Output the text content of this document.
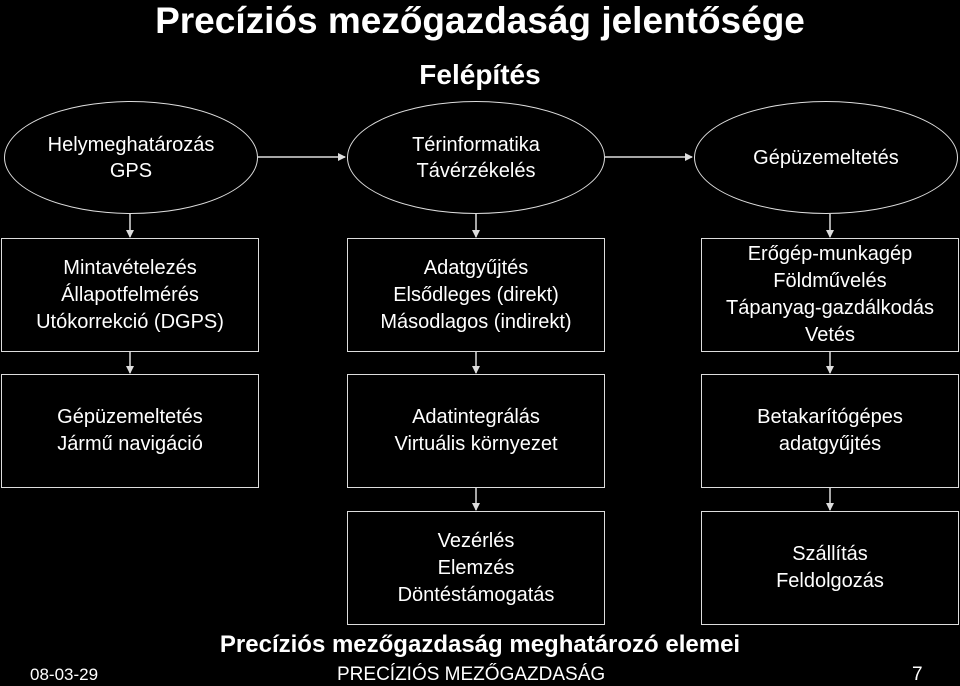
Precíziós mezőgazdaság jelentősége
Felépítés
Helymeghatározás
GPS
Térinformatika
Távérzékelés
Gépüzemeltetés
Mintavételezés
Állapotfelmérés
Utókorrekció (DGPS)
Adatgyűjtés
Elsődleges (direkt)
Másodlagos (indirekt)
Erőgép-munkagép
Földművelés
Tápanyag-gazdálkodás
Vetés
Gépüzemeltetés
Jármű navigáció
Adatintegrálás
Virtuális környezet
Betakarítógépes
adatgyűjtés
Vezérlés
Elemzés
Döntéstámogatás
Szállítás
Feldolgozás
Precíziós mezőgazdaság meghatározó elemei
08-03-29	PRECÍZIÓS MEZŐGAZDASÁG	7
